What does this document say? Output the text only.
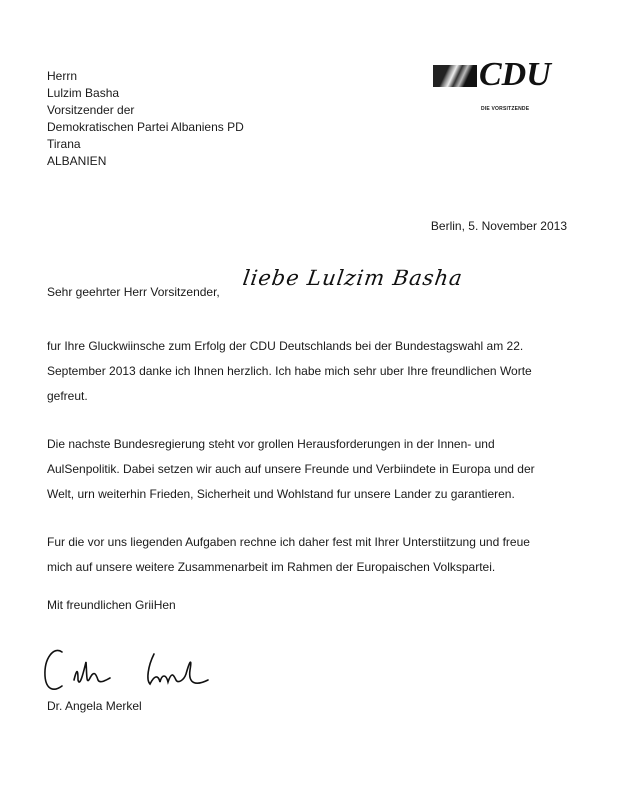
CDU
DIE VORSITZENDE
Herrn
Lulzim Basha
Vorsitzender der
Demokratischen Partei Albaniens PD
Tirana
ALBANIEN
Berlin, 5. November 2013
Sehr geehrter Herr Vorsitzender,
liebe Lulzim Basha
fur Ihre Gluckwiinsche zum Erfolg der CDU Deutschlands bei der Bundestagswahl am 22.
September 2013 danke ich Ihnen herzlich. Ich habe mich sehr uber Ihre freundlichen Worte
gefreut.
Die nachste Bundesregierung steht vor grollen Herausforderungen in der Innen- und
AulSenpolitik. Dabei setzen wir auch auf unsere Freunde und Verbiindete in Europa und der
Welt, urn weiterhin Frieden, Sicherheit und Wohlstand fur unsere Lander zu garantieren.
Fur die vor uns liegenden Aufgaben rechne ich daher fest mit Ihrer Unterstiitzung und freue
mich auf unsere weitere Zusammenarbeit im Rahmen der Europaischen Volkspartei.
Mit freundlichen GriiHen
Dr. Angela Merkel
